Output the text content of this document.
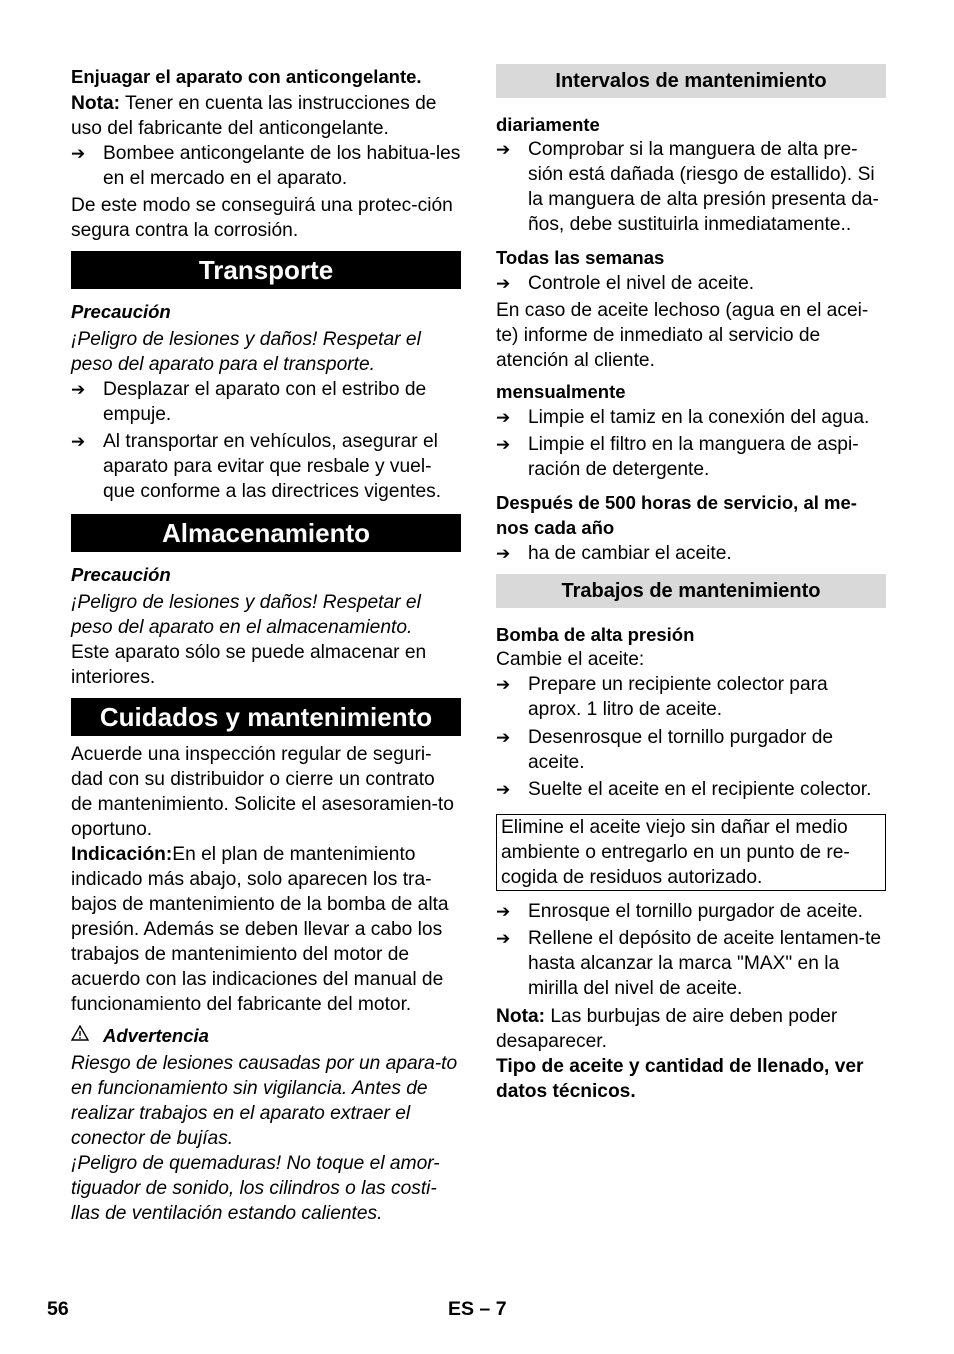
Enjuagar el aparato con anticongelante.

Nota: Tener en cuenta las instrucciones de uso del fabricante del anticongelante.

➔ Bombee anticongelante de los habitua-les en el mercado en el aparato.

De este modo se conseguirá una protec-ción segura contra la corrosión.

Transporte

Precaución

¡Peligro de lesiones y daños! Respetar el peso del aparato para el transporte.

➔ Desplazar el aparato con el estribo de empuje.
➔ Al transportar en vehículos, asegurar el aparato para evitar que resbale y vuel-que conforme a las directrices vigentes.
Almacenamiento

Precaución

¡Peligro de lesiones y daños! Respetar el peso del aparato en el almacenamiento.

Este aparato sólo se puede almacenar en interiores.

Cuidados y mantenimiento

Acuerde una inspección regular de seguri-dad con su distribuidor o cierre un contrato de mantenimiento. Solicite el asesoramien-to oportuno.

Indicación:En el plan de mantenimiento indicado más abajo, solo aparecen los tra-bajos de mantenimiento de la bomba de alta presión. Además se deben llevar a cabo los trabajos de mantenimiento del motor de acuerdo con las indicaciones del manual de funcionamiento del fabricante del motor.

Advertencia

Riesgo de lesiones causadas por un apara-to en funcionamiento sin vigilancia. Antes de realizar trabajos en el aparato extraer el conector de bujías.

¡Peligro de quemaduras! No toque el amor-tiguador de sonido, los cilindros o las costi-llas de ventilación estando calientes.

Intervalos de mantenimiento

diariamente

➔ Comprobar si la manguera de alta pre-sión está dañada (riesgo de estallido). Si la manguera de alta presión presenta da-ños, debe sustituirla inmediatamente..

Todas las semanas

➔ Controle el nivel de aceite.

En caso de aceite lechoso (agua en el acei-te) informe de inmediato al servicio de atención al cliente.

mensualmente

➔ Limpie el tamiz en la conexión del agua.
➔ Limpie el filtro en la manguera de aspi-ración de detergente.

Después de 500 horas de servicio, al me-nos cada año

➔ ha de cambiar el aceite.
Trabajos de mantenimiento

Bomba de alta presión

Cambie el aceite:

➔ Prepare un recipiente colector para aprox. 1 litro de aceite.
➔ Desenrosque el tornillo purgador de aceite.
➔ Suelte el aceite en el recipiente colector.

Elimine el aceite viejo sin dañar el medio ambiente o entregarlo en un punto de re-cogida de residuos autorizado.

➔ Enrosque el tornillo purgador de aceite.
➔ Rellene el depósito de aceite lentamen-te hasta alcanzar la marca "MAX" en la mirilla del nivel de aceite.

Nota: Las burbujas de aire deben poder desaparecer.

Tipo de aceite y cantidad de llenado, ver datos técnicos.

56	ES – 7
